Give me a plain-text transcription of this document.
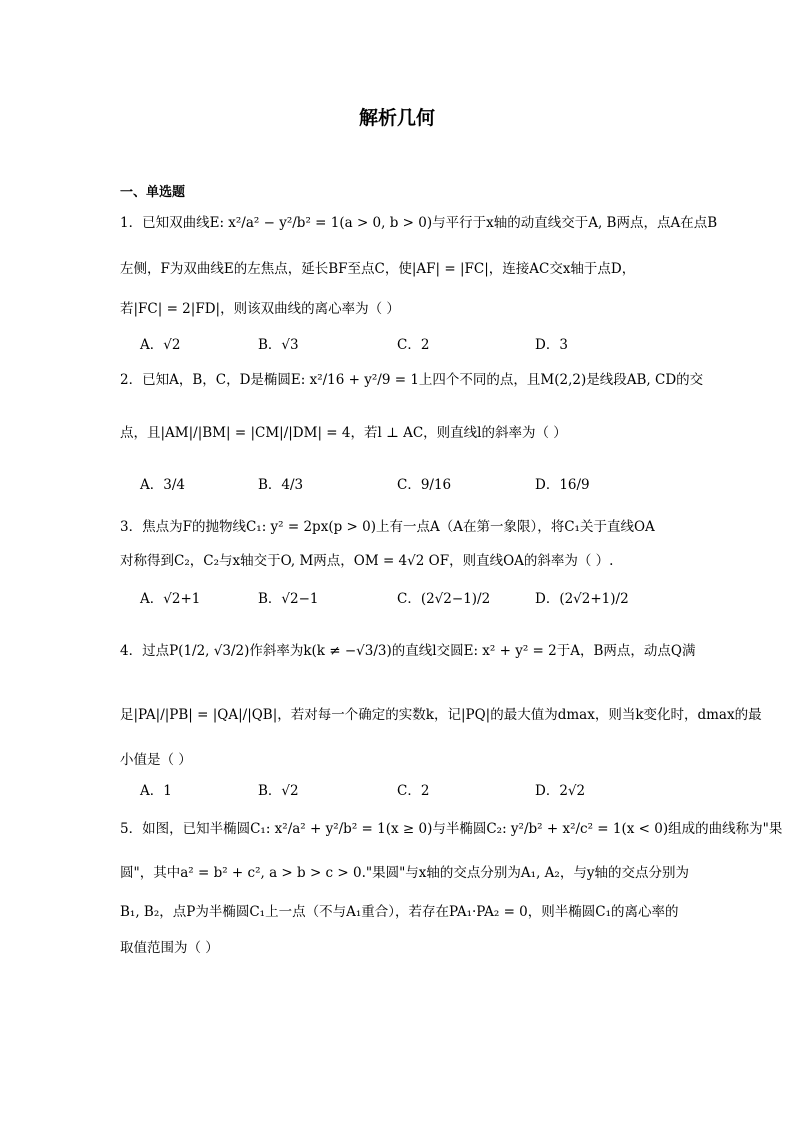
解析几何
一、单选题
1．已知双曲线E: x²/a² − y²/b² = 1(a > 0, b > 0)与平行于x轴的动直线交于A, B两点，点A在点B
左侧，F为双曲线E的左焦点，延长BF至点C，使|AF| = |FC|，连接AC交x轴于点D，
若|FC| = 2|FD|，则该双曲线的离心率为（ ）
A．√2	B．√3	C．2	D．3
2．已知A，B，C，D是椭圆E: x²/16 + y²/9 = 1上四个不同的点，且M(2,2)是线段AB, CD的交
点，且|AM|/|BM| = |CM|/|DM| = 4，若l ⊥ AC，则直线l的斜率为（ ）
A．3/4	B．4/3	C．9/16	D．16/9
3．焦点为F的抛物线C₁: y² = 2px(p > 0)上有一点A（A在第一象限），将C₁关于直线OA
对称得到C₂，C₂与x轴交于O, M两点，OM = 4√2 OF，则直线OA的斜率为（ ）.
A．√2+1	B．√2−1	C．(2√2−1)/2	D．(2√2+1)/2
4．过点P(1/2, √3/2)作斜率为k(k ≠ −√3/3)的直线l交圆E: x² + y² = 2于A，B两点，动点Q满
足|PA|/|PB| = |QA|/|QB|，若对每一个确定的实数k，记|PQ|的最大值为dmax，则当k变化时，dmax的最
小值是（ ）
A．1	B．√2	C．2	D．2√2
5．如图，已知半椭圆C₁: x²/a² + y²/b² = 1(x ≥ 0)与半椭圆C₂: y²/b² + x²/c² = 1(x < 0)组成的曲线称为"果
圆"，其中a² = b² + c², a > b > c > 0."果圆"与x轴的交点分别为A₁, A₂，与y轴的交点分别为
B₁, B₂，点P为半椭圆C₁上一点（不与A₁重合），若存在PA₁·PA₂ = 0，则半椭圆C₁的离心率的
取值范围为（ ）
